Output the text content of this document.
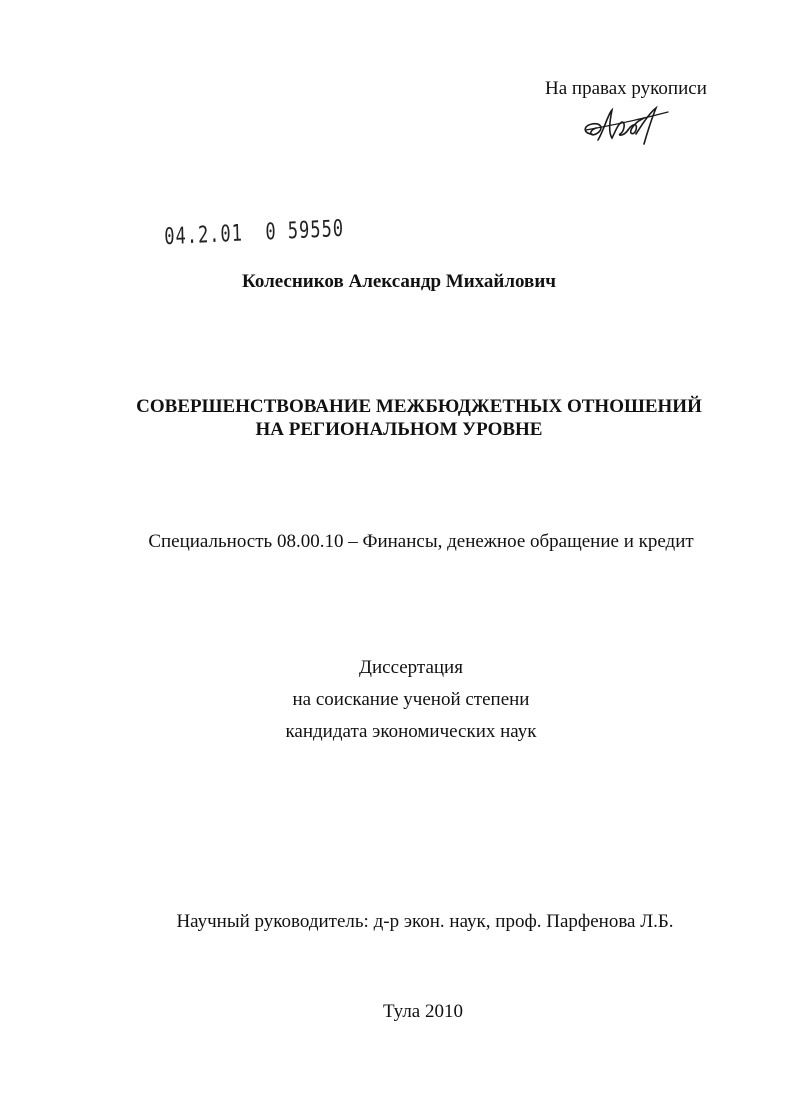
На правах рукописи
04.2.01  0 59550
Колесников Александр Михайлович
СОВЕРШЕНСТВОВАНИЕ МЕЖБЮДЖЕТНЫХ ОТНОШЕНИЙ
НА РЕГИОНАЛЬНОМ УРОВНЕ
Специальность 08.00.10 – Финансы, денежное обращение и кредит
Диссертация
на соискание ученой степени
кандидата экономических наук
Научный руководитель: д-р экон. наук, проф. Парфенова Л.Б.
Тула 2010
